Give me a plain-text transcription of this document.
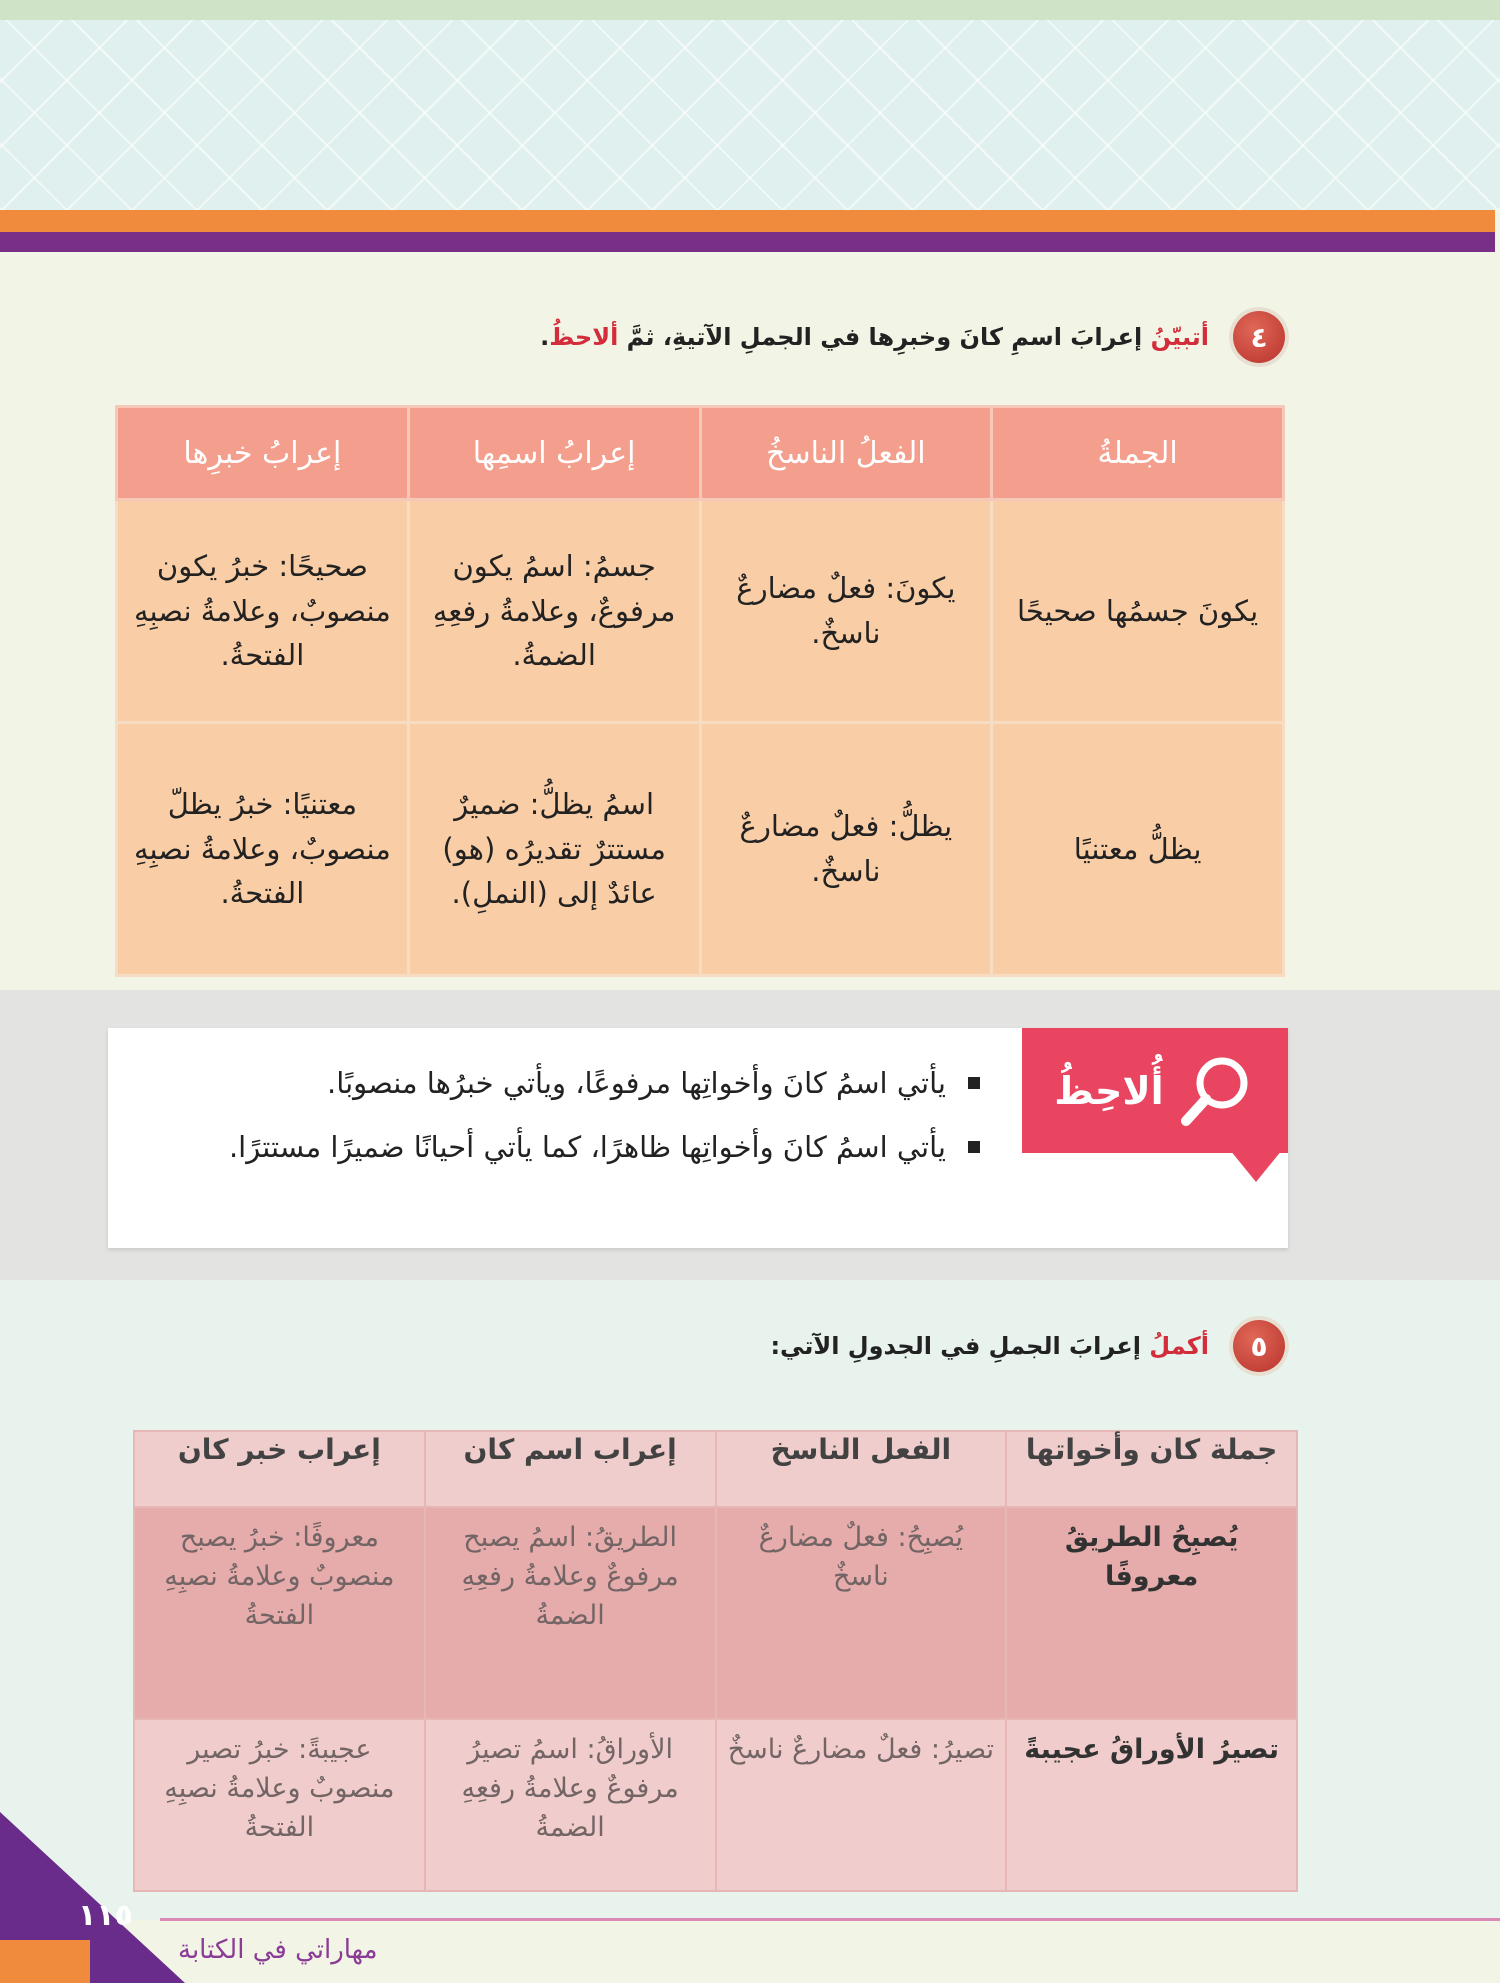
٤
أتبيّنُ إعرابَ اسمِ كانَ وخبرِها في الجملِ الآتيةِ، ثمَّ ألاحظُ.
الجملةُ	الفعلُ الناسخُ	إعرابُ اسمِها	إعرابُ خبرِها
يكونَ جسمُها صحيحًا	يكونَ: فعلٌ مضارعٌ ناسخٌ.	جسمُ: اسمُ يكون مرفوعٌ، وعلامةُ رفعِهِ الضمةُ.	صحيحًا: خبرُ يكون منصوبٌ، وعلامةُ نصبِهِ الفتحةُ.
يظلُّ معتنيًا	يظلُّ: فعلٌ مضارعٌ ناسخٌ.	اسمُ يظلُّ: ضميرٌ مستترٌ تقديرُه (هو) عائدٌ إلى (النملِ).	معتنيًا: خبرُ يظلّ منصوبٌ، وعلامةُ نصبِهِ الفتحةُ.
أُلاحِظُ
يأتي اسمُ كانَ وأخواتِها مرفوعًا، ويأتي خبرُها منصوبًا.
يأتي اسمُ كانَ وأخواتِها ظاهرًا، كما يأتي أحيانًا ضميرًا مستترًا.
٥
أكملُ إعرابَ الجملِ في الجدولِ الآتي:
جملة كان وأخواتها	الفعل الناسخ	إعراب اسم كان	إعراب خبر كان
يُصبِحُ الطريقُ معروفًا	يُصبِحُ: فعلٌ مضارعٌ ناسخٌ	الطريقُ: اسمُ يصبح مرفوعٌ وعلامةُ رفعِهِ الضمةُ	معروفًا: خبرُ يصبح منصوبٌ وعلامةُ نصبِهِ الفتحةُ
تصيرُ الأوراقُ عجيبةً	تصيرُ: فعلٌ مضارعٌ ناسخٌ	الأوراقُ: اسمُ تصيرُ مرفوعٌ وعلامةُ رفعِهِ الضمةُ	عجيبةً: خبرُ تصير منصوبٌ وعلامةُ نصبِهِ الفتحةُ
١١٥
مهاراتي في الكتابة
